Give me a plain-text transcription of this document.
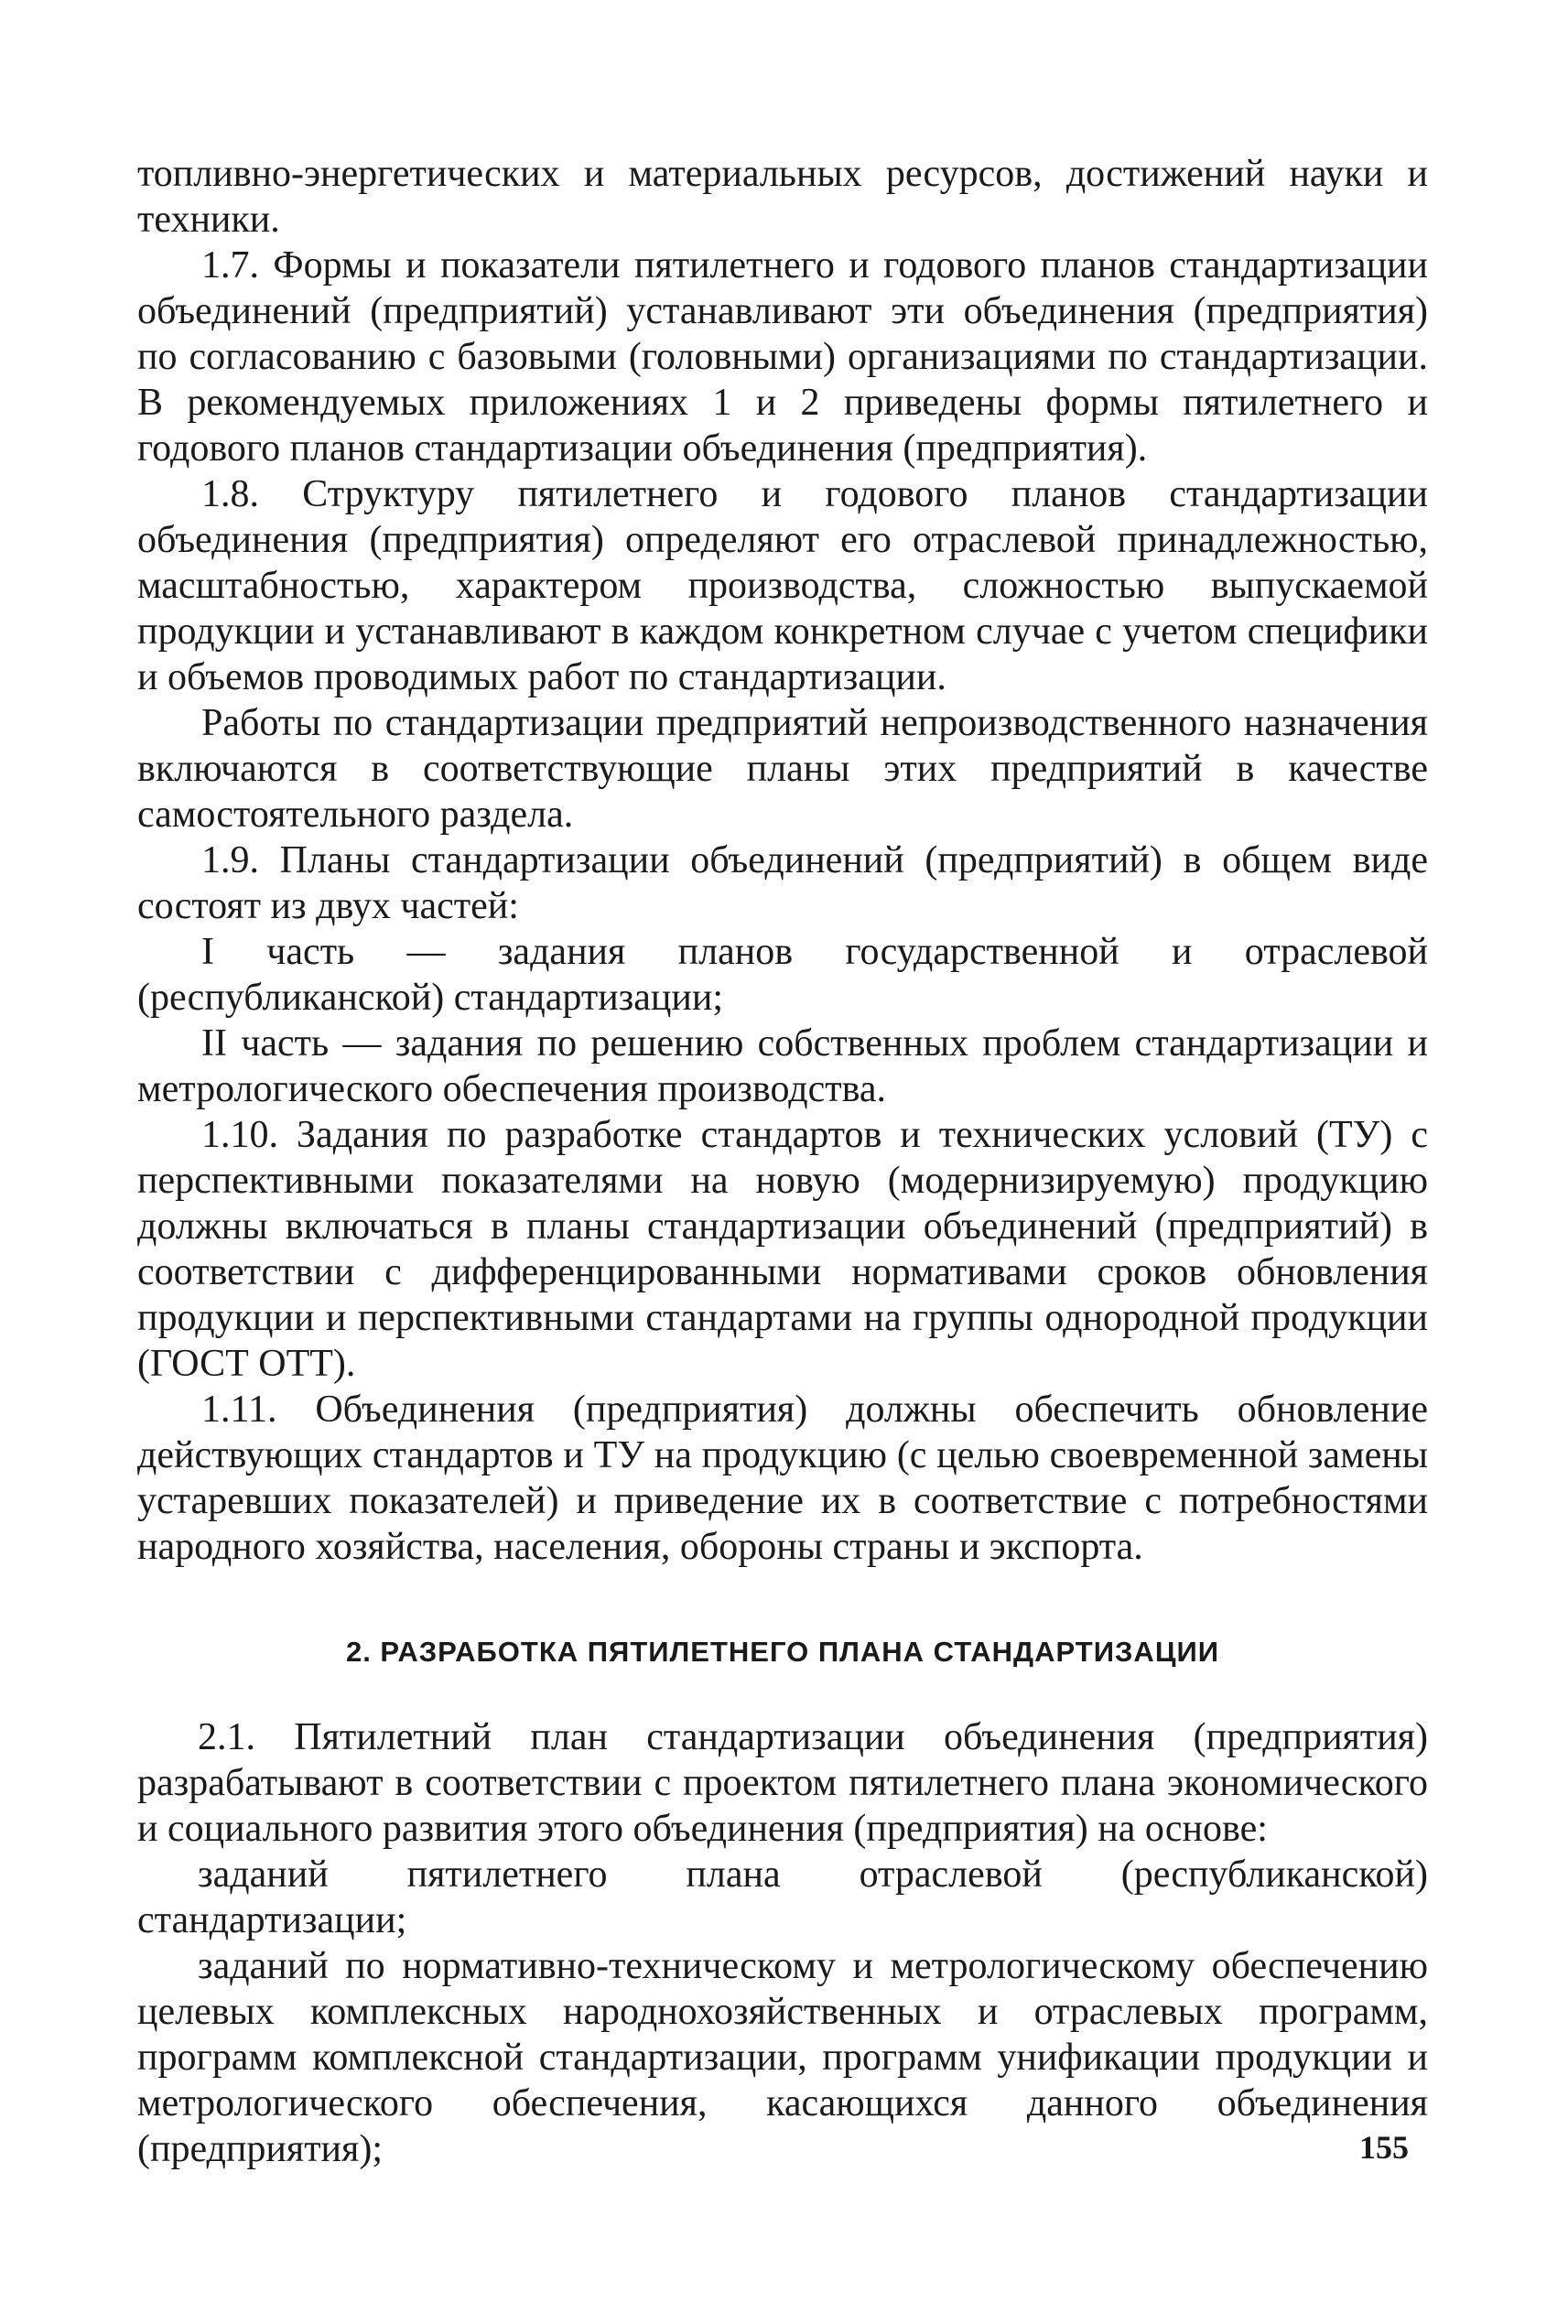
топливно-энергетических и материальных ресурсов, достижений науки и техники.

1.7. Формы и показатели пятилетнего и годового планов стандартизации объединений (предприятий) устанавливают эти объединения (предприятия) по согласованию с базовыми (головными) организациями по стандартизации. В рекомендуемых приложениях 1 и 2 приведены формы пятилетнего и годового планов стандартизации объединения (предприятия).

1.8. Структуру пятилетнего и годового планов стандартизации объединения (предприятия) определяют его отраслевой принадлежностью, масштабностью, характером производства, сложностью выпускаемой продукции и устанавливают в каждом конкретном случае с учетом специфики и объемов проводимых работ по стандартизации.

Работы по стандартизации предприятий непроизводственного назначения включаются в соответствующие планы этих предприятий в качестве самостоятельного раздела.

1.9. Планы стандартизации объединений (предприятий) в общем виде состоят из двух частей:

I часть — задания планов государственной и отраслевой (республиканской) стандартизации;

II часть — задания по решению собственных проблем стандартизации и метрологического обеспечения производства.

1.10. Задания по разработке стандартов и технических условий (ТУ) с перспективными показателями на новую (модернизируемую) продукцию должны включаться в планы стандартизации объединений (предприятий) в соответствии с дифференцированными нормативами сроков обновления продукции и перспективными стандартами на группы однородной продукции (ГОСТ ОТТ).

1.11. Объединения (предприятия) должны обеспечить обновление действующих стандартов и ТУ на продукцию (с целью своевременной замены устаревших показателей) и приведение их в соответствие с потребностями народного хозяйства, населения, обороны страны и экспорта.

2. РАЗРАБОТКА ПЯТИЛЕТНЕГО ПЛАНА СТАНДАРТИЗАЦИИ

2.1. Пятилетний план стандартизации объединения (предприятия) разрабатывают в соответствии с проектом пятилетнего плана экономического и социального развития этого объединения (предприятия) на основе:

заданий пятилетнего плана отраслевой (республиканской) стандартизации;

заданий по нормативно-техническому и метрологическому обеспечению целевых комплексных народнохозяйственных и отраслевых программ, программ комплексной стандартизации, программ унификации продукции и метрологического обеспечения, касающихся данного объединения (предприятия);	155
